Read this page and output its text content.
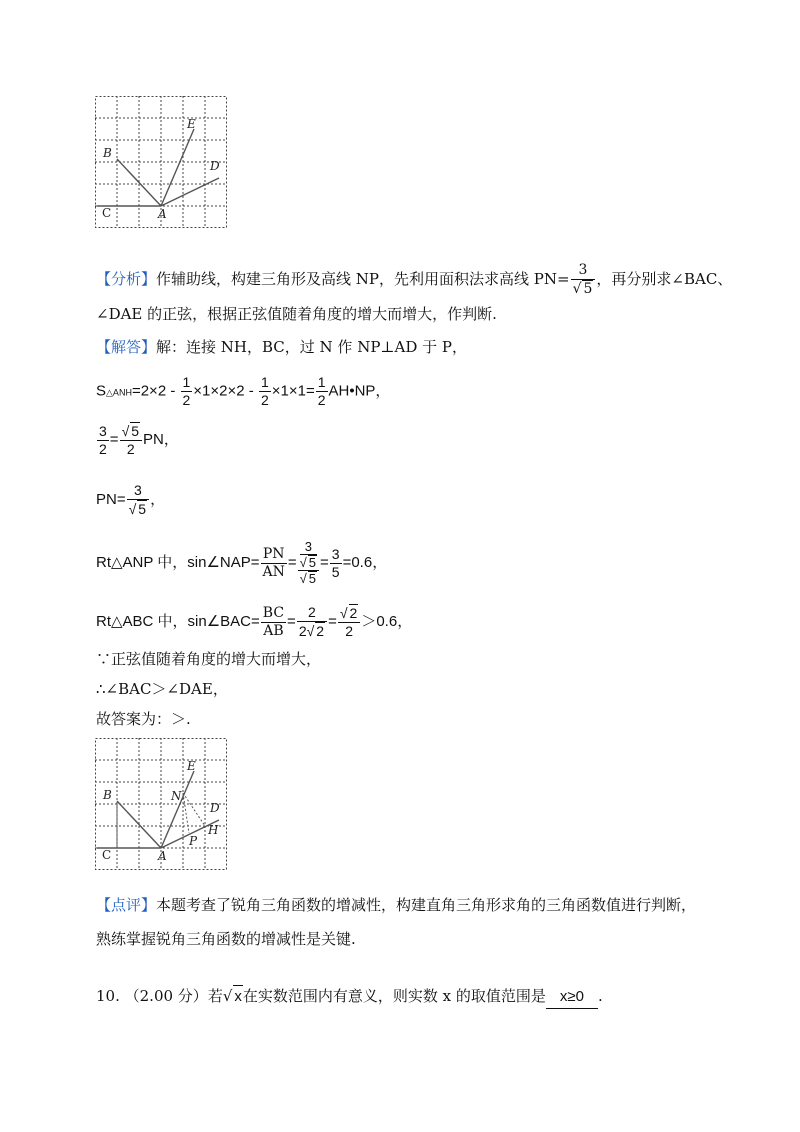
B
C	A
E
D
【分析】作辅助线，构建三角形及高线 NP，先利用面积法求高线 $PN= \frac{3}{√ 5}$ ，再分别求∠BAC、
∠DAE 的正弦，根据正弦值随着角度的增大而增大，作判断.
【解答】解：连接 NH，BC，过 N 作 NP⊥AD 于 P，
S△ANH=2×2 - $\frac{1}{2} \times 1\times 2\times 2 - \frac{1}{2} \times 1\times 1= \frac{1}{2}$ AH•NP，
$\frac{3}{2} = \frac{√ 5}{2}$ PN，
$PN= \frac{3}{√ 5}$ ，
Rt△ANP 中，sin∠NAP= $\frac{PN}{AN} = \frac{\frac{3}{√ 5}}{√ 5} = \frac{3}{5} =0.6$，
Rt△ABC 中，sin∠BAC= $\frac{BC}{AB} = \frac{2}{2√ 2} = \frac{√ 2}{2} >0.6$，
∵正弦值随着角度的增大而增大，
∴∠BAC＞∠DAE，
故答案为：＞.
B
C	A
E
D
N
H
P
【点评】本题考查了锐角三角函数的增减性，构建直角三角形求角的三角函数值进行判断，
熟练掌握锐角三角函数的增减性是关键.
10. （2.00 分）若√ x在实数范围内有意义，则实数 x 的取值范围是 x≥0 .
